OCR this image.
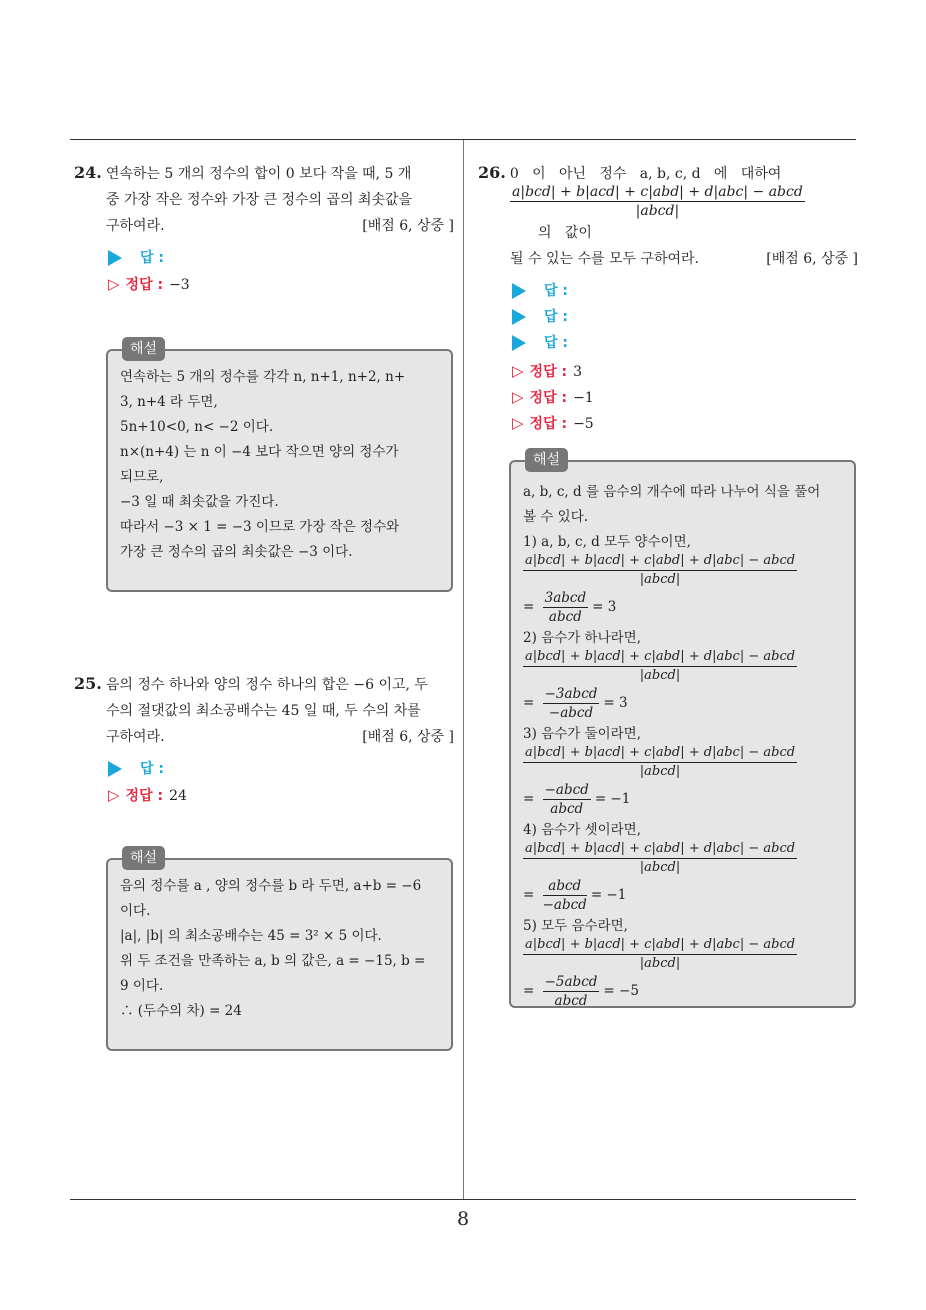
8
24. 연속하는 5 개의 정수의 합이 0 보다 작을 때, 5 개
중 가장 작은 정수와 가장 큰 정수의 곱의 최솟값을
구하여라.	[배점 6, 상중 ]
답 :
▷ 정답 : −3
해설
연속하는 5 개의 정수를 각각 n, n+1, n+2, n+
3, n+4 라 두면,
5n+10<0, n< −2 이다.
n×(n+4) 는 n 이 −4 보다 작으면 양의 정수가
되므로,
−3 일 때 최솟값을 가진다.
따라서 −3 × 1 = −3 이므로 가장 작은 정수와
가장 큰 정수의 곱의 최솟값은 −3 이다.
25. 음의 정수 하나와 양의 정수 하나의 합은 −6 이고, 두
수의 절댓값의 최소공배수는 45 일 때, 두 수의 차를
구하여라.	[배점 6, 상중 ]
답 :
▷ 정답 : 24
해설
음의 정수를 a , 양의 정수를 b 라 두면, a+b = −6
이다.
|a|, |b| 의 최소공배수는 45 = 3² × 5 이다.
위 두 조건을 만족하는 a, b 의 값은, a = −15, b =
9 이다.
∴ (두수의 차) = 24
26. 0   이   아닌   정수   a, b, c, d   에   대하여
$\frac{\text{a|bcd| + b|acd| + c|abd| + d|abc| − abcd}}{\text{|abcd|}}$
의   값이
될 수 있는 수를 모두 구하여라.	[배점 6, 상중 ]
답 :
답 :
답 :
▷ 정답 : 3
▷ 정답 : −1
▷ 정답 : −5
해설
a, b, c, d 를 음수의 개수에 따라 나누어 식을 풀어
볼 수 있다.
1) a, b, c, d 모두 양수이면,
$\frac{\text{a|bcd| + b|acd| + c|abd| + d|abc| − abcd}}{\text{|abcd|}}$
= $\frac{\text{3abcd}}{\text{abcd}} = 3$
2) 음수가 하나라면,
$\frac{\text{a|bcd| + b|acd| + c|abd| + d|abc| − abcd}}{\text{|abcd|}}$
= $\frac{\text{−3abcd}}{\text{−abcd}} = 3$
3) 음수가 둘이라면,
$\frac{\text{a|bcd| + b|acd| + c|abd| + d|abc| − abcd}}{\text{|abcd|}}$
= $\frac{\text{−abcd}}{\text{abcd}} = -1$
4) 음수가 셋이라면,
$\frac{\text{a|bcd| + b|acd| + c|abd| + d|abc| − abcd}}{\text{|abcd|}}$
= $\frac{\text{abcd}}{\text{−abcd}} = -1$
5) 모두 음수라면,
$\frac{\text{a|bcd| + b|acd| + c|abd| + d|abc| − abcd}}{\text{|abcd|}}$
= $\frac{\text{−5abcd}}{\text{abcd}} = -5$
